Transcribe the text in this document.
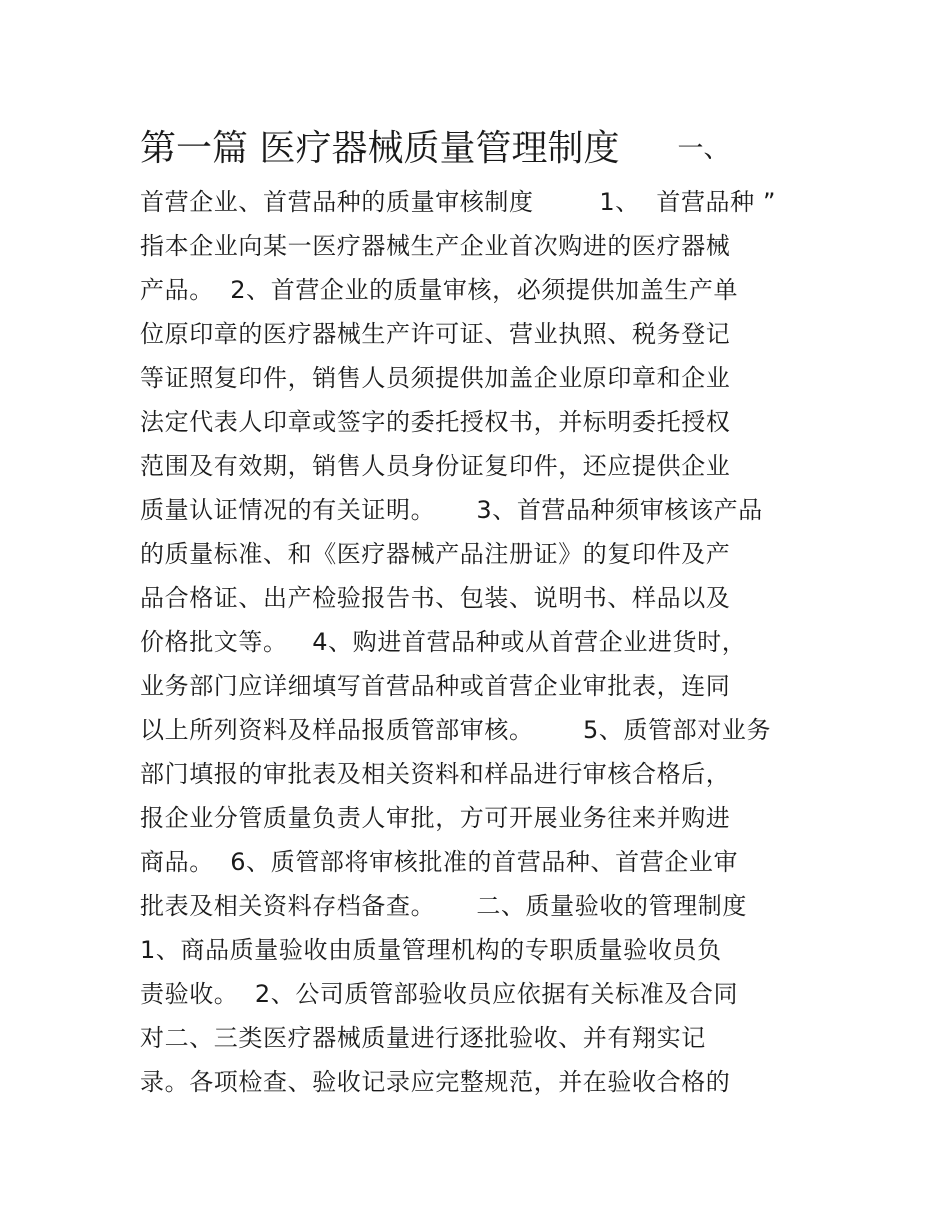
第一篇 医疗器械质量管理制度 一、
首营企业、首营品种的质量审核制度        1、  首营品种 ”
指本企业向某一医疗器械生产企业首次购进的医疗器械
产品。  2、首营企业的质量审核，必须提供加盖生产单
位原印章的医疗器械生产许可证、营业执照、税务登记
等证照复印件，销售人员须提供加盖企业原印章和企业
法定代表人印章或签字的委托授权书，并标明委托授权
范围及有效期，销售人员身份证复印件，还应提供企业
质量认证情况的有关证明。     3、首营品种须审核该产品
的质量标准、和《医疗器械产品注册证》的复印件及产
品合格证、出产检验报告书、包装、说明书、样品以及
价格批文等。   4、购进首营品种或从首营企业进货时，
业务部门应详细填写首营品种或首营企业审批表，连同
以上所列资料及样品报质管部审核。      5、质管部对业务
部门填报的审批表及相关资料和样品进行审核合格后，
报企业分管质量负责人审批，方可开展业务往来并购进
商品。  6、质管部将审核批准的首营品种、首营企业审
批表及相关资料存档备查。     二、质量验收的管理制度
1、商品质量验收由质量管理机构的专职质量验收员负
责验收。  2、公司质管部验收员应依据有关标准及合同
对二、三类医疗器械质量进行逐批验收、并有翔实记
录。各项检查、验收记录应完整规范，并在验收合格的
